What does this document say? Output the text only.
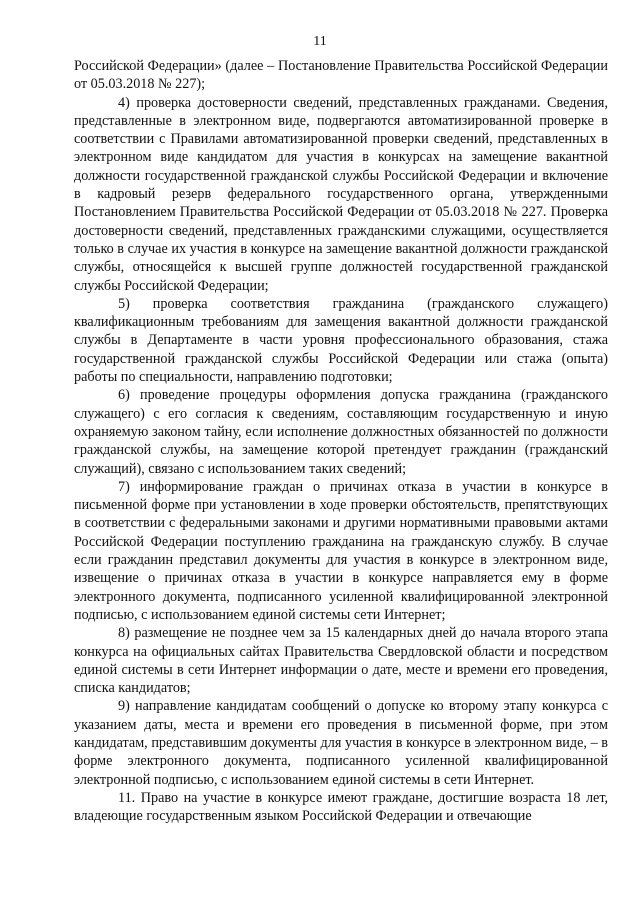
11

Российской Федерации» (далее – Постановление Правительства Российской Федерации от 05.03.2018 № 227);

4) проверка достоверности сведений, представленных гражданами. Сведения, представленные в электронном виде, подвергаются автоматизированной проверке в соответствии с Правилами автоматизированной проверки сведений, представленных в электронном виде кандидатом для участия в конкурсах на замещение вакантной должности государственной гражданской службы Российской Федерации и включение в кадровый резерв федерального государственного органа, утвержденными Постановлением Правительства Российской Федерации от 05.03.2018 № 227. Проверка достоверности сведений, представленных гражданскими служащими, осуществляется только в случае их участия в конкурсе на замещение вакантной должности гражданской службы, относящейся к высшей группе должностей государственной гражданской службы Российской Федерации;

5) проверка соответствия гражданина (гражданского служащего) квалификационным требованиям для замещения вакантной должности гражданской службы в Департаменте в части уровня профессионального образования, стажа государственной гражданской службы Российской Федерации или стажа (опыта) работы по специальности, направлению подготовки;

6) проведение процедуры оформления допуска гражданина (гражданского служащего) с его согласия к сведениям, составляющим государственную и иную охраняемую законом тайну, если исполнение должностных обязанностей по должности гражданской службы, на замещение которой претендует гражданин (гражданский служащий), связано с использованием таких сведений;

7) информирование граждан о причинах отказа в участии в конкурсе в письменной форме при установлении в ходе проверки обстоятельств, препятствующих в соответствии с федеральными законами и другими нормативными правовыми актами Российской Федерации поступлению гражданина на гражданскую службу. В случае если гражданин представил документы для участия в конкурсе в электронном виде, извещение о причинах отказа в участии в конкурсе направляется ему в форме электронного документа, подписанного усиленной квалифицированной электронной подписью, с использованием единой системы сети Интернет;

8) размещение не позднее чем за 15 календарных дней до начала второго этапа конкурса на официальных сайтах Правительства Свердловской области и посредством единой системы в сети Интернет информации о дате, месте и времени его проведения, списка кандидатов;

9) направление кандидатам сообщений о допуске ко второму этапу конкурса с указанием даты, места и времени его проведения в письменной форме, при этом кандидатам, представившим документы для участия в конкурсе в электронном виде, – в форме электронного документа, подписанного усиленной квалифицированной электронной подписью, с использованием единой системы в сети Интернет.

11. Право на участие в конкурсе имеют граждане, достигшие возраста 18 лет, владеющие государственным языком Российской Федерации и отвечающие
